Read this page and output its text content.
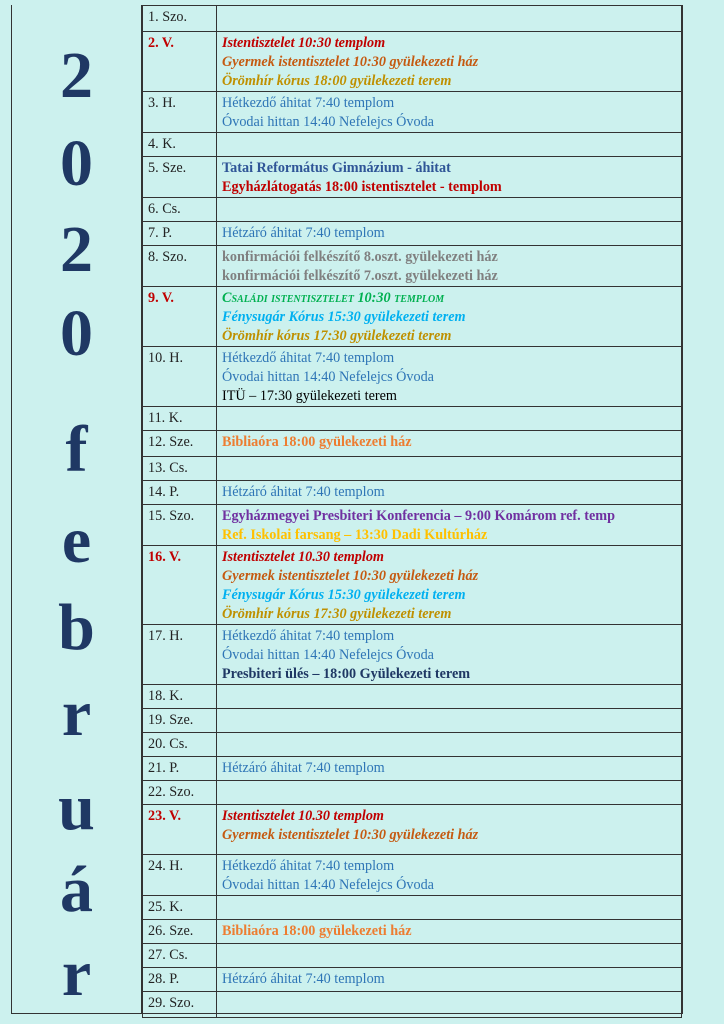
2
0
2
0
f
e
b
r
u
á
r
1. Szo.	
2. V.	Istentisztelet 10:30 templom
Gyermek istentisztelet 10:30 gyülekezeti ház
Örömhír kórus 18:00 gyülekezeti terem

3. H.	Hétkezdő áhitat 7:40 templom
Óvodai hittan 14:40 Nefelejcs Óvoda

4. K.	
5. Sze.	Tatai Református Gimnázium - áhitat
Egyházlátogatás 18:00 istentisztelet - templom

6. Cs.	
7. P.	Hétzáró áhitat 7:40 templom

8. Szo.	konfirmációi felkészítő 8.oszt. gyülekezeti ház
konfirmációi felkészítő 7.oszt. gyülekezeti ház

9. V.	Családi istentisztelet 10:30 templom
Fénysugár Kórus 15:30 gyülekezeti terem
Örömhír kórus 17:30 gyülekezeti terem

10. H.	Hétkezdő áhitat 7:40 templom
Óvodai hittan 14:40 Nefelejcs Óvoda
ITÜ – 17:30 gyülekezeti terem

11. K.	
12. Sze.	Bibliaóra 18:00 gyülekezeti ház

13. Cs.	
14. P.	Hétzáró áhitat 7:40 templom

15. Szo.	Egyházmegyei Presbiteri Konferencia – 9:00 Komárom ref. temp
Ref. Iskolai farsang – 13:30 Dadi Kultúrház

16. V.	Istentisztelet 10.30 templom
Gyermek istentisztelet 10:30 gyülekezeti ház
Fénysugár Kórus 15:30 gyülekezeti terem
Örömhír kórus 17:30 gyülekezeti terem

17. H.	Hétkezdő áhitat 7:40 templom
Óvodai hittan 14:40 Nefelejcs Óvoda
Presbiteri ülés – 18:00 Gyülekezeti terem

18. K.	
19. Sze.	
20. Cs.	
21. P.	Hétzáró áhitat 7:40 templom

22. Szo.	
23. V.	Istentisztelet 10.30 templom
Gyermek istentisztelet 10:30 gyülekezeti ház

24. H.	Hétkezdő áhitat 7:40 templom
Óvodai hittan 14:40 Nefelejcs Óvoda

25. K.	
26. Sze.	Bibliaóra 18:00 gyülekezeti ház

27. Cs.	
28. P.	Hétzáró áhitat 7:40 templom

29. Szo.	
